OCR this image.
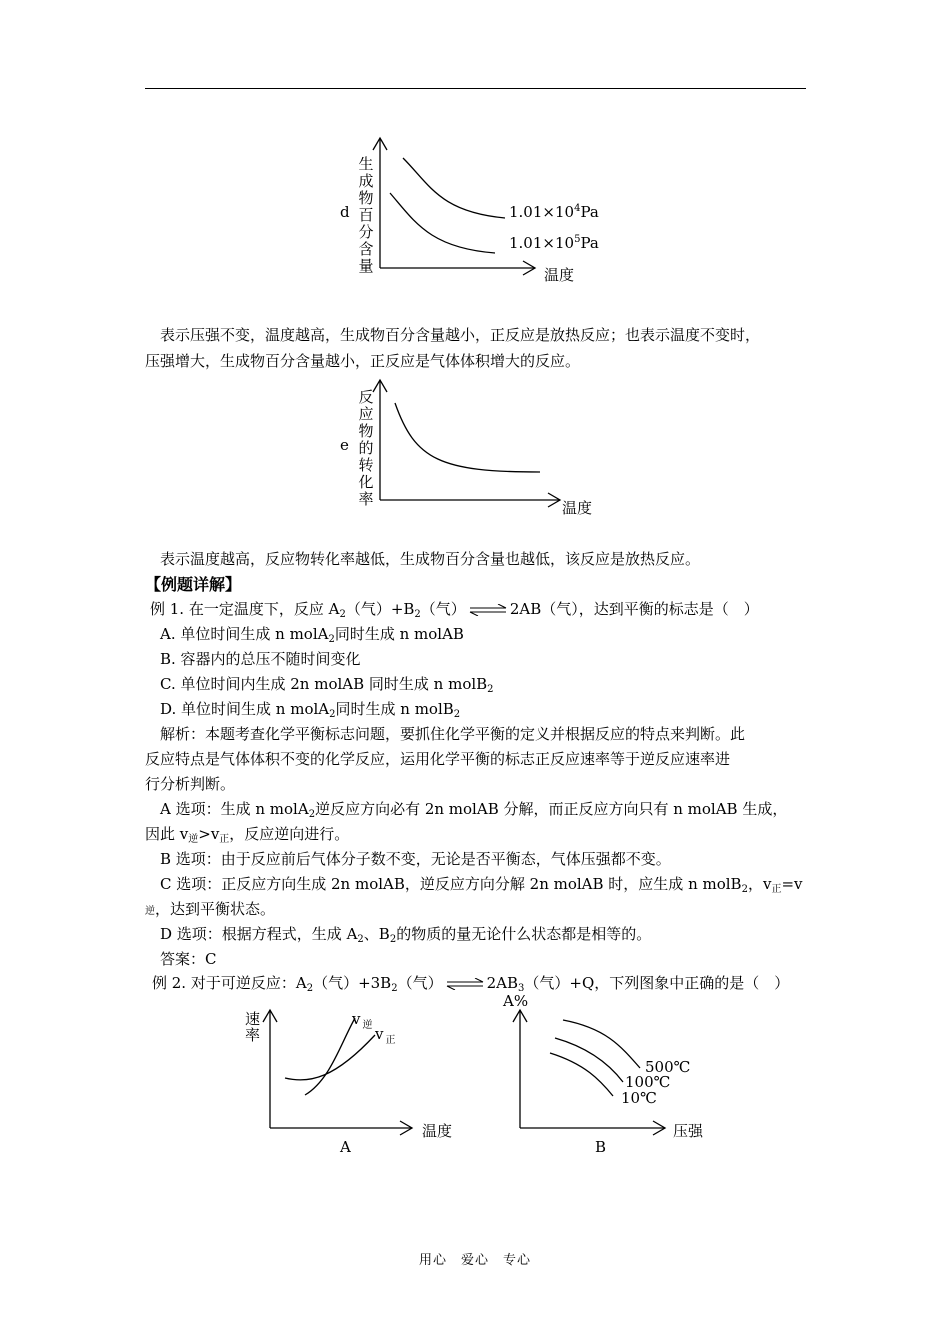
d
生
成
物
百
分
含
量
$1.01\times 10^4Pa$
$1.01\times 10^5Pa$
温度
表示压强不变，温度越高，生成物百分含量越小，正反应是放热反应；也表示温度不变时，
压强增大，生成物百分含量越小，正反应是气体体积增大的反应。
e
反
应
物
的
转
化
率	温度
表示温度越高，反应物转化率越低，生成物百分含量也越低，该反应是放热反应。
【例题详解】
例 1. 在一定温度下，反应 $A_2$（气）$+B_2$（气） ⇌ 2AB（气），达到平衡的标志是（　）
A. 单位时间生成 n molA$_2$同时生成 n molAB
B. 容器内的总压不随时间变化
C. 单位时间内生成 2n molAB 同时生成 n molB$_2$
D. 单位时间生成 n molA$_2$同时生成 n molB$_2$
解析：本题考查化学平衡标志问题，要抓住化学平衡的定义并根据反应的特点来判断。此
反应特点是气体体积不变的化学反应，运用化学平衡的标志正反应速率等于逆反应速率进
行分析判断。
A 选项：生成 n molA$_2$逆反应方向必有 2n molAB 分解，而正反应方向只有 n molAB 生成，
因此 $v_逆>v_正$，反应逆向进行。
B 选项：由于反应前后气体分子数不变，无论是否平衡态，气体压强都不变。
C 选项：正反应方向生成 2n molAB，逆反应方向分解 2n molAB 时，应生成 n molB$_2$，$v_正=v$
逆，达到平衡状态。
D 选项：根据方程式，生成 $A_2$、$B_2$的物质的量无论什么状态都是相等的。
答案：C
例 2. 对于可逆反应：$A_2$（气）$+3B_2$（气） ⇌ $2AB_3$（气）+Q，下列图象中正确的是（　）
速
率
v $_逆$ v $_正$
温度
A
A%
500℃
100℃
10℃
压强
B
用心　爱心　专心
